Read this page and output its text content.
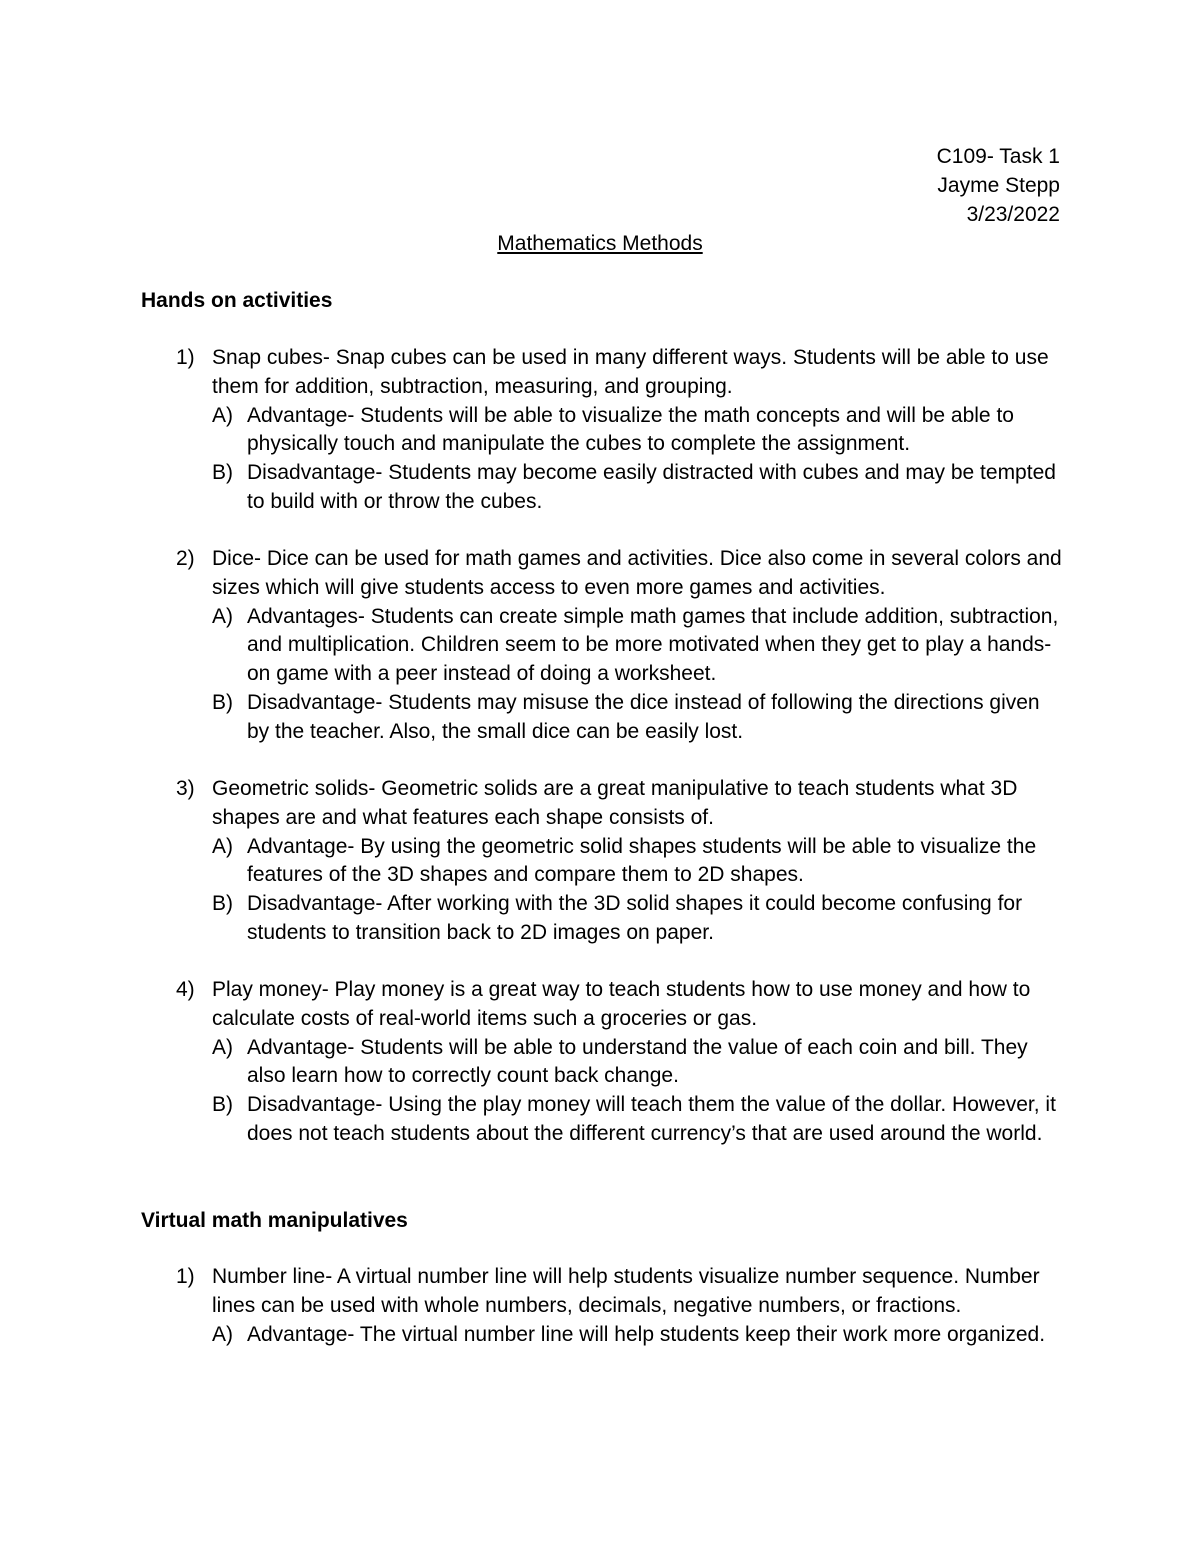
C109- Task 1
Jayme Stepp
3/23/2022
Mathematics Methods
Hands on activities
1) Snap cubes- Snap cubes can be used in many different ways. Students will be able to use them for addition, subtraction, measuring, and grouping.
A) Advantage- Students will be able to visualize the math concepts and will be able to physically touch and manipulate the cubes to complete the assignment.
B) Disadvantage- Students may become easily distracted with cubes and may be tempted to build with or throw the cubes.
2) Dice- Dice can be used for math games and activities. Dice also come in several colors and sizes which will give students access to even more games and activities.
A) Advantages- Students can create simple math games that include addition, subtraction, and multiplication. Children seem to be more motivated when they get to play a hands-on game with a peer instead of doing a worksheet.
B) Disadvantage- Students may misuse the dice instead of following the directions given by the teacher. Also, the small dice can be easily lost.
3) Geometric solids- Geometric solids are a great manipulative to teach students what 3D shapes are and what features each shape consists of.
A) Advantage- By using the geometric solid shapes students will be able to visualize the features of the 3D shapes and compare them to 2D shapes.
B) Disadvantage- After working with the 3D solid shapes it could become confusing for students to transition back to 2D images on paper.
4) Play money- Play money is a great way to teach students how to use money and how to calculate costs of real-world items such a groceries or gas.
A) Advantage- Students will be able to understand the value of each coin and bill. They also learn how to correctly count back change.
B) Disadvantage- Using the play money will teach them the value of the dollar. However, it does not teach students about the different currency’s that are used around the world.
Virtual math manipulatives
1) Number line- A virtual number line will help students visualize number sequence. Number lines can be used with whole numbers, decimals, negative numbers, or fractions.
A) Advantage- The virtual number line will help students keep their work more organized.
